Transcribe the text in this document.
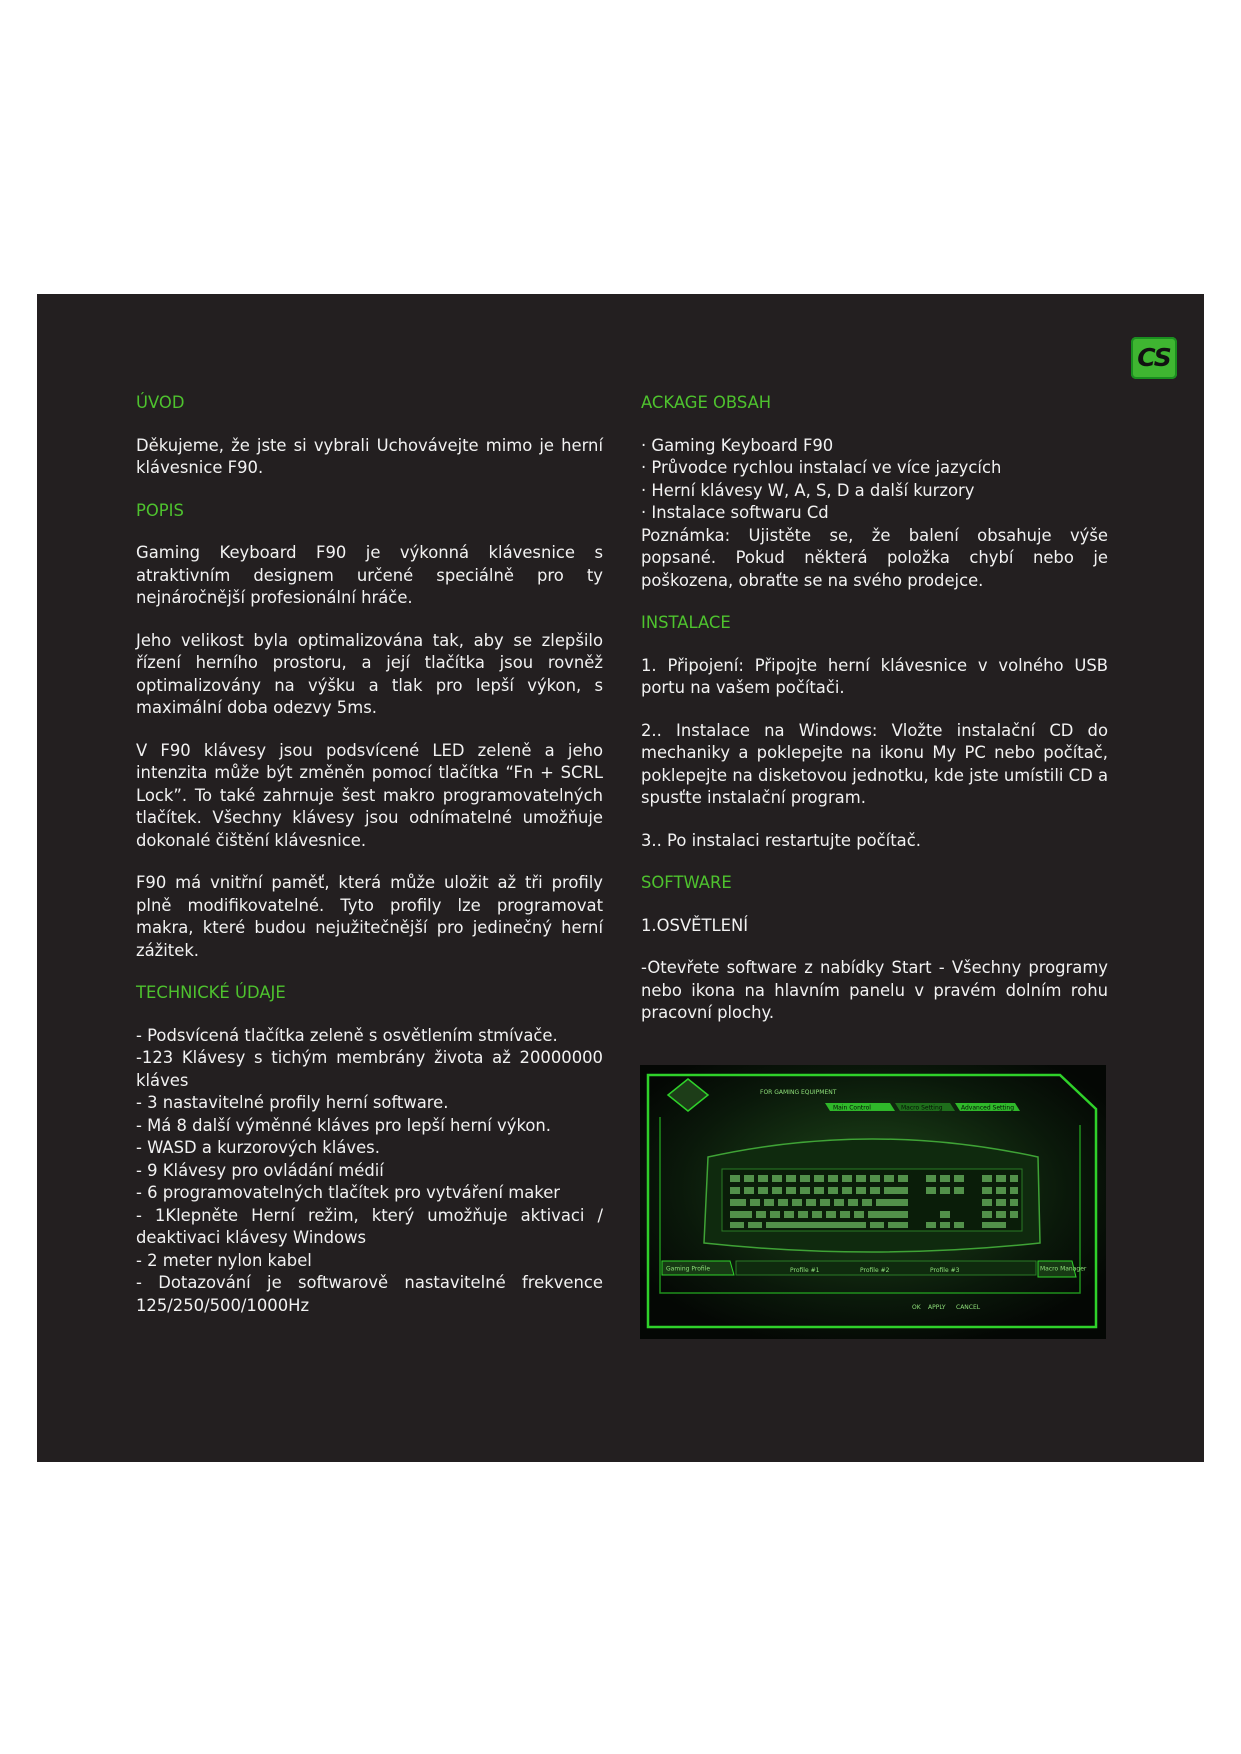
CS
ÚVOD

Děkujeme, že jste si vybrali Uchovávejte mimo je herní klávesnice F90.

POPIS

Gaming Keyboard F90 je výkonná klávesnice s atraktivním designem určené speciálně pro ty nejnáročnější profesionální hráče.

Jeho velikost byla optimalizována tak, aby se zlepšilo řízení herního prostoru, a její tlačítka jsou rovněž optimalizovány na výšku a tlak pro lepší výkon, s maximální doba odezvy 5ms.

V F90 klávesy jsou podsvícené LED zeleně a jeho intenzita může být změněn pomocí tlačítka “Fn + SCRL Lock”. To také zahrnuje šest makro programovatelných tlačítek. Všechny klávesy jsou odnímatelné umožňuje dokonalé čištění klávesnice.

F90 má vnitřní paměť, která může uložit až tři profily plně modifikovatelné. Tyto profily lze programovat makra, které budou nejužitečnější pro jedinečný herní zážitek.

TECHNICKÉ ÚDAJE
- Podsvícená tlačítka zeleně s osvětlením stmívače.
-123 Klávesy s tichým membrány života až 20000000 kláves
- 3 nastavitelné profily herní software.
- Má 8 další výměnné kláves pro lepší herní výkon.
- WASD a kurzorových kláves.
- 9 Klávesy pro ovládání médií
- 6 programovatelných tlačítek pro vytváření maker
- 1Klepněte Herní režim, který umožňuje aktivaci / deaktivaci klávesy Windows
- 2 meter nylon kabel
- Dotazování je softwarově nastavitelné frekvence 125/250/500/1000Hz
ACKAGE OBSAH
· Gaming Keyboard F90
· Průvodce rychlou instalací ve více jazycích
· Herní klávesy W, A, S, D a další kurzory
· Instalace softwaru Cd

Poznámka: Ujistěte se, že balení obsahuje výše popsané. Pokud některá položka chybí nebo je poškozena, obraťte se na svého prodejce.

INSTALACE

1. Připojení: Připojte herní klávesnice v volného USB portu na vašem počítači.

2.. Instalace na Windows: Vložte instalační CD do mechaniky a poklepejte na ikonu My PC nebo počítač, poklepejte na disketovou jednotku, kde jste umístili CD a spusťte instalační program.

3.. Po instalaci restartujte počítač.

SOFTWARE

1.OSVĚTLENÍ

-Otevřete software z nabídky Start - Všechny programy nebo ikona na hlavním panelu v pravém dolním rohu pracovní plochy.

FOR GAMING EQUIPMENT
Main Control	Macro Setting	Advanced Setting
Gaming Profile	Profile #1	Profile #2	Profile #3	Macro Manager
OK APPLY CANCEL
